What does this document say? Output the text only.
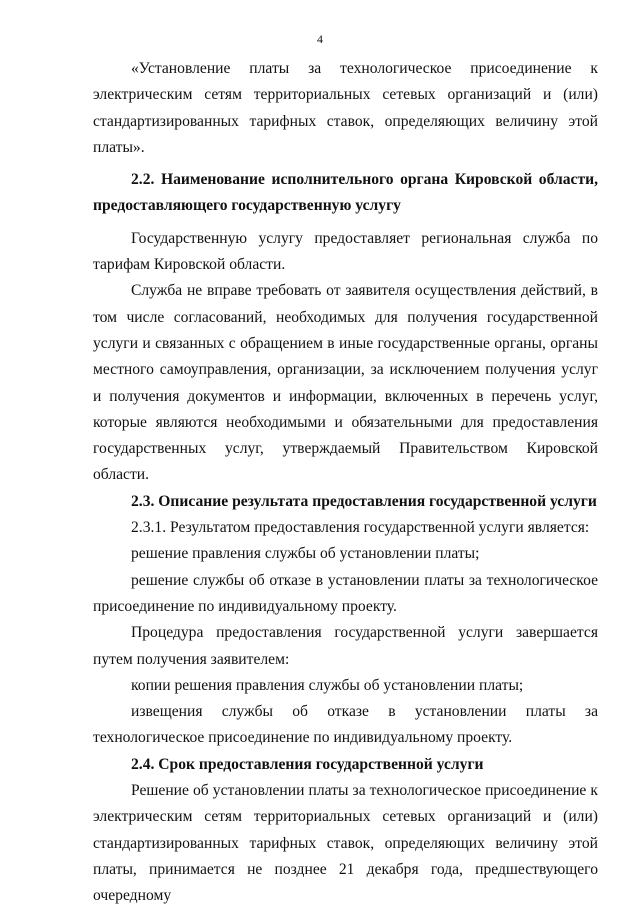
4

«Установление платы за технологическое присоединение к электрическим сетям территориальных сетевых организаций и (или) стандартизированных тарифных ставок, определяющих величину этой платы».

2.2. Наименование исполнительного органа Кировской области, предоставляющего государственную услугу

Государственную услугу предоставляет региональная служба по тарифам Кировской области.

Служба не вправе требовать от заявителя осуществления действий, в том числе согласований, необходимых для получения государственной услуги и связанных с обращением в иные государственные органы, органы местного самоуправления, организации, за исключением получения услуг и получения документов и информации, включенных в перечень услуг, которые являются необходимыми и обязательными для предоставления государственных услуг, утверждаемый Правительством Кировской области.

2.3. Описание результата предоставления государственной услуги

2.3.1. Результатом предоставления государственной услуги является:

решение правления службы об установлении платы;

решение службы об отказе в установлении платы за технологическое присоединение по индивидуальному проекту.

Процедура предоставления государственной услуги завершается путем получения заявителем:

копии решения правления службы об установлении платы;

извещения службы об отказе в установлении платы за технологическое присоединение по индивидуальному проекту.

2.4. Срок предоставления государственной услуги

Решение об установлении платы за технологическое присоединение к электрическим сетям территориальных сетевых организаций и (или) стандартизированных тарифных ставок, определяющих величину этой платы, принимается не позднее 21 декабря года, предшествующего очередному
